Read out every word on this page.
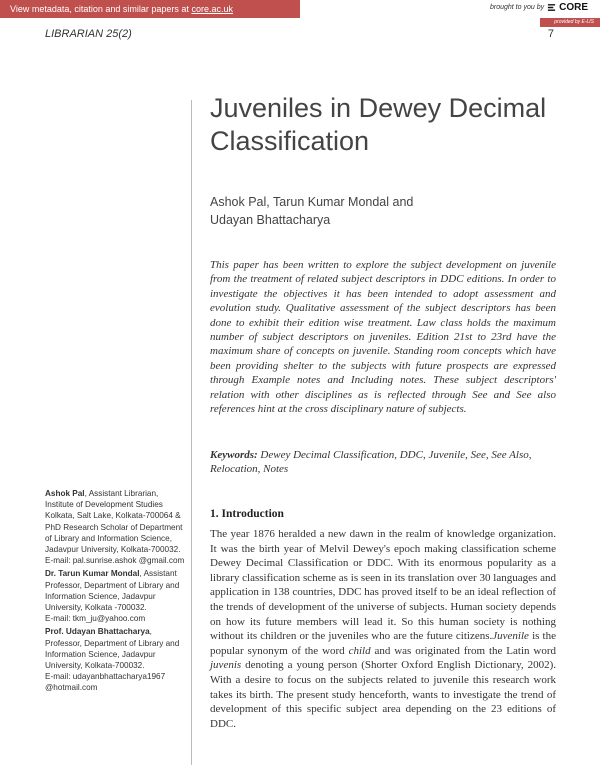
View metadata, citation and similar papers at core.ac.uk	brought to you by CORE
provided by E-LIS
LIBRARIAN 25(2)	7
Juveniles in Dewey Decimal
Classification
Ashok Pal, Tarun Kumar Mondal and
Udayan Bhattacharya
This paper has been written to explore the subject development on juvenile from the treatment of related subject descriptors in DDC editions. In order to investigate the objectives it has been intended to adopt assessment and evolution study. Qualitative assessment of the subject descriptors has been done to exhibit their edition wise treatment. Law class holds the maximum number of subject descriptors on juveniles. Edition 21st to 23rd have the maximum share of concepts on juvenile. Standing room concepts which have been providing shelter to the subjects with future prospects are expressed through Example notes and Including notes. These subject descriptors' relation with other disciplines as is reflected through See and See also references hint at the cross disciplinary nature of subjects.
Keywords: Dewey Decimal Classification, DDC, Juvenile, See, See Also, Relocation, Notes
Ashok Pal, Assistant Librarian, Institute of Development Studies Kolkata, Salt Lake, Kolkata-700064 & PhD Research Scholar of Department of Library and Information Science, Jadavpur University, Kolkata-700032.
E-mail: pal.sunrise.ashok @gmail.com
Dr. Tarun Kumar Mondal, Assistant Professor, Department of Library and Information Science, Jadavpur University, Kolkata -700032.
E-mail: tkm_ju@yahoo.com
Prof. Udayan Bhattacharya, Professor, Department of Library and Information Science, Jadavpur University, Kolkata-700032.
E-mail: udayanbhattacharya1967 @hotmail.com
1. Introduction
The year 1876 heralded a new dawn in the realm of knowledge organization. It was the birth year of Melvil Dewey's epoch making classification scheme Dewey Decimal Classification or DDC. With its enormous popularity as a library classification scheme as is seen in its translation over 30 languages and application in 138 countries, DDC has proved itself to be an ideal reflection of the trends of development of the universe of subjects. Human society depends on how its future members will lead it. So this human society is nothing without its children or the juveniles who are the future citizens.Juvenile is the popular synonym of the word child and was originated from the Latin word juvenis denoting a young person (Shorter Oxford English Dictionary, 2002). With a desire to focus on the subjects related to juvenile this research work takes its birth. The present study henceforth, wants to investigate the trend of development of this specific subject area depending on the 23 editions of DDC.
